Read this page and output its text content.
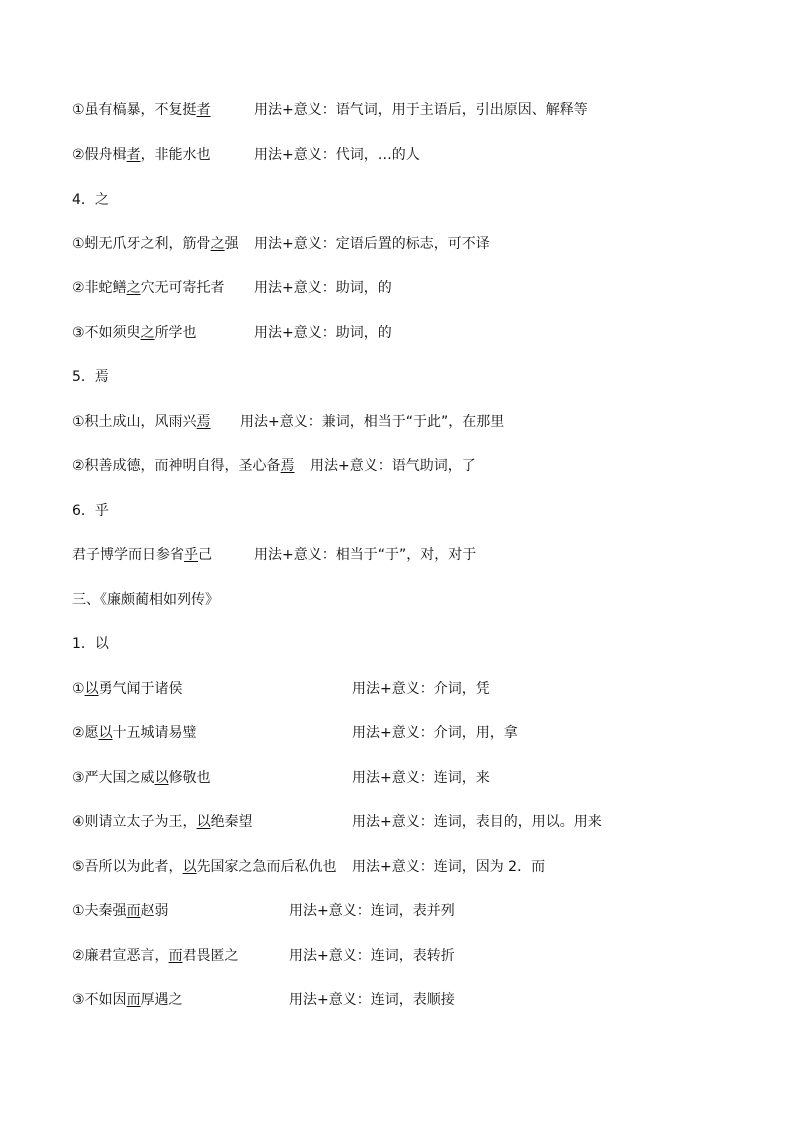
①虽有槁暴，不复挺者	用法+意义：语气词，用于主语后，引出原因、解释等
②假舟楫者，非能水也	用法+意义：代词，…的人
4．之
①蚓无爪牙之利，筋骨之强 用法+意义：定语后置的标志，可不译
②非蛇鳝之穴无可寄托者 用法+意义：助词，的
③不如须臾之所学也	用法+意义：助词，的
5．焉
①积土成山，风雨兴焉 用法+意义：兼词，相当于“于此”，在那里
②积善成德，而神明自得，圣心备焉 用法+意义：语气助词，了
6．乎
君子博学而日参省乎己	用法+意义：相当于“于”，对，对于
三、《廉颇蔺相如列传》
1．以
①以勇气闻于诸侯	用法+意义：介词，凭
②愿以十五城请易璧	用法+意义：介词，用，拿
③严大国之威以修敬也	用法+意义：连词，来
④则请立太子为王，以绝秦望	用法+意义：连词，表目的，用以。用来
⑤吾所以为此者，以先国家之急而后私仇也 用法+意义：连词，因为 2．而
①夫秦强而赵弱	用法+意义：连词，表并列
②廉君宣恶言，而君畏匿之	用法+意义：连词，表转折
③不如因而厚遇之	用法+意义：连词，表顺接
